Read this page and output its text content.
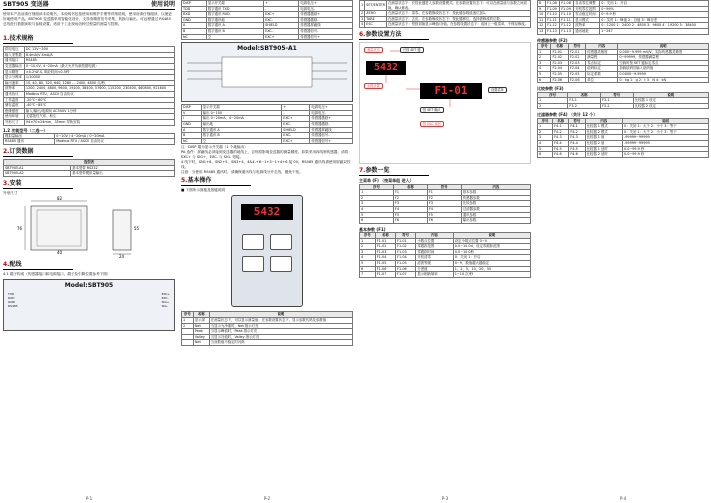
SBT905 变送器	使用说明
使用本产品前请仔细阅读本说明书，本说明书包括使用和维护手册等详细说明，使用前请仔细阅读，以便更好地使用产品。SBT905 变送器采用智能化设计，支持高精度信号采集、转换与输出，可远程通过 RS485 总线进行数据读取与参数设置，适用于工业现场各种过程量的测量与控制。
1.技术规格
供电电压	DC 12V~30V
输入采集数	8.4mA/V 4mA/A
通讯接口	RS485
变送器输出	0~10.0V, 4~20mA（最大允许负载依据电源）
显示精度	±0.2%F.S, 响应时间<0.5秒
显示分辨率	1/10000
输出速率	10, 40, 80, 320, 640, 1280 ... 2400, 4800 点/秒
波特率	1200, 2400, 4800, 9600, 19200, 38400, 57600, 115200, 230400, 460800, 921600
通讯协议	Modbus RTU、ASCII 自由协议
工作温度	-20℃~60℃
储存温度	-40℃~85℃
绝缘强度	输入/输出/电源间 AC500V 1分钟
使用环境	无腐蚀性气体、粉尘
外形尺寸	94×70×24mm，35mm 导轨安装
1.2 功能型号（二选一）
模拟量输出	0~10V / 4~20mA / 0~20mA
RS485 通讯	Modbus RTU / ASCII 自由协议
2.订货数据
选型表	
SBT905-A1	基本型带 RS232
SBT905-A2	基本型带模拟量输出
3.安装
外形尺寸
82
76
40
55
24
4.配线
4.1 端子构成（传感器接口和电源接口，端子及引脚位置参考下图）
Model:SBT905
TXD
RXD
GND
RS485
EXC+
EXC-
SIG+
SIG-
P-1
DISP	显示开关端	+	电源电压+
TDD	数字通讯 TXD	-	电源电压-
RXD	数字通讯 RXD	EXC+	传感器激励+
GND	数字通讯地	EXC-	传感器激励-
A	数字通讯 A	SHIELD	传感器屏蔽线
B	数字通讯 B	EXC-	传感器信号-
NC	空	EXC+	传感器信号+
Model:SBT905-A1
DISP	显示开关端	+	电源电压+
V	输出 0~10V	-	电源电压-
I	输出 0~20mA、4~20mA	EXC+	传感器激励+
GND	输出地	EXC-	传感器激励-
A	数字通讯 A	SHIELD	传感器屏蔽线
B	数字通讯 B	EXC-	传感器信号-
NC	空	EXC+	传感器信号+
注：DISP 端为显示开关端（1 个地输出）
PA 选件：屏蔽线必须接到变送器的地线上，否则将影响变送器的测量精度。如果采用四线制传感器，请将 EXC+ 与 SIG+、EXC- 与 SIG- 短接。
4 线下时，SN1+6、SN2+5、SN3+4，4&4.+6~1+3~1+4+6 接 0V。RS485 通讯线请使用屏蔽双绞线。
注意：当使用 RS485 通讯时，请确保通讯线与电源线分开走线，避免干扰。
5.基本操作
■ 下图所示面板及按键说明
5432
序号	名称	说明
1	显示屏	在测量状态下，可以显示测量值；在参数设置状态下，显示参数代码及参数值
2	Net	当显示为净重时，Net 指示灯亮
	Peak	当显示峰值时，Peak 指示灯亮
	Valley	当显示谷值时，Valley 指示灯亮
	Net	当前数值不稳定时闪烁
P-2
1	SET/ENTER	在测量状态下：长按此键进入参数设置模式。在参数设置状态下：可以在测量值与参数之间切换，确认修改。
2	ZERO	在测量状态下：清零。在参数修改状态下：按此键参数值逐位加1。
3	TARE	在测量状态下：去皮。在参数修改状态下：按此键移位，选择需修改的位数。
4	ESC	在测量状态下：短按切换显示峰值/谷值。在参数设置状态下：返回上一级菜单，不保存修改。
6.参数设置方法
测量状态	长按 SET 键
5432
参数设置	F1-01	设置菜单
按 SET 确认
按 ESC 返回
7.参数一览
主菜单 (F) （按菜单组 进入）
序号	名称	符号	内容
1	F1	F1	基本参数
2	F2	F2	传感器参数
3	F3	F3	比较参数
4	F4	F4	过滤器参数
5	F5	F5	通讯参数
6	F6	F6	输出参数
基本参数 (F1)
序号	名称	符号	内容	说明
1	F1-01	F1-01	小数点位置	设定小数点位置 0~4
2	F1-02	F1-02	零跟踪范围	0.0~10.0d，设定零跟踪范围
3	F1-03	F1-03	零跟踪时间	0.0~10.0秒
4	F1-04	F1-04	开机清零	0：关闭 1：开启
5	F1-05	F1-05	滤波等级	0~9，数值越大越稳定
6	F1-06	F1-06	分度值	1、2、5、10、20、50
7	F1-07	F1-07	显示刷新频率	1~10 次/秒
P-3
8	F1-08	F1-08	自动零位调整	0：关闭 1：开启
9	F1-09	F1-09	开机零位范围	0~99%
10	F1-10	F1-10	零点稳定时间	0~9.9 秒
11	F1-11	F1-11	显示模式	0：实时 1：峰值 2：谷值 3：峰谷差
12	F1-12	F1-12	波特率	0：1200 1：2400 2：4800 3：9600 4：19200 5：38400
13	F1-13	F1-13	通讯地址	1~247
传感器参数 (F2)
序号	名称	符号	内容	说明
1	F2-01	F2-01	传感器灵敏度	0.000~9.999 mV/V，实际传感器灵敏度
2	F2-02	F2-02	满量程	0~99999，传感器满量程
3	F2-03	F2-03	零点标定	空载时按 SET 键标定零点
4	F2-04	F2-04	砝码标定	加载砝码后输入砝码值
5	F2-05	F2-05	标定系数	0.0000~9.9999
6	F2-06	F2-06	单位	0：kg 1：g 2：t 3：N 4：kN
比较参数 (F3)
序号	名称	符号	说明
1	F3-1	F3-1	比较器 1 设定
2	F3-2	F3-2	比较器 2 设定
过滤器参数 (F4) （共计 12 个）
序号	名称	符号	内容	说明
1	F4-1	F4-1	比较器 1 模式	0：关闭 1：大于 2：小于 3：等于
2	F4-2	F4-2	比较器 2 模式	0：关闭 1：大于 2：小于 3：等于
3	F4-3	F4-3	比较器 1 值	-99999~99999
4	F4-4	F4-4	比较器 2 值	-99999~99999
5	F4-5	F4-5	比较器 1 延时	0.0~99.9 秒
6	F4-6	F4-6	比较器 2 延时	0.0~99.9 秒
P-4
